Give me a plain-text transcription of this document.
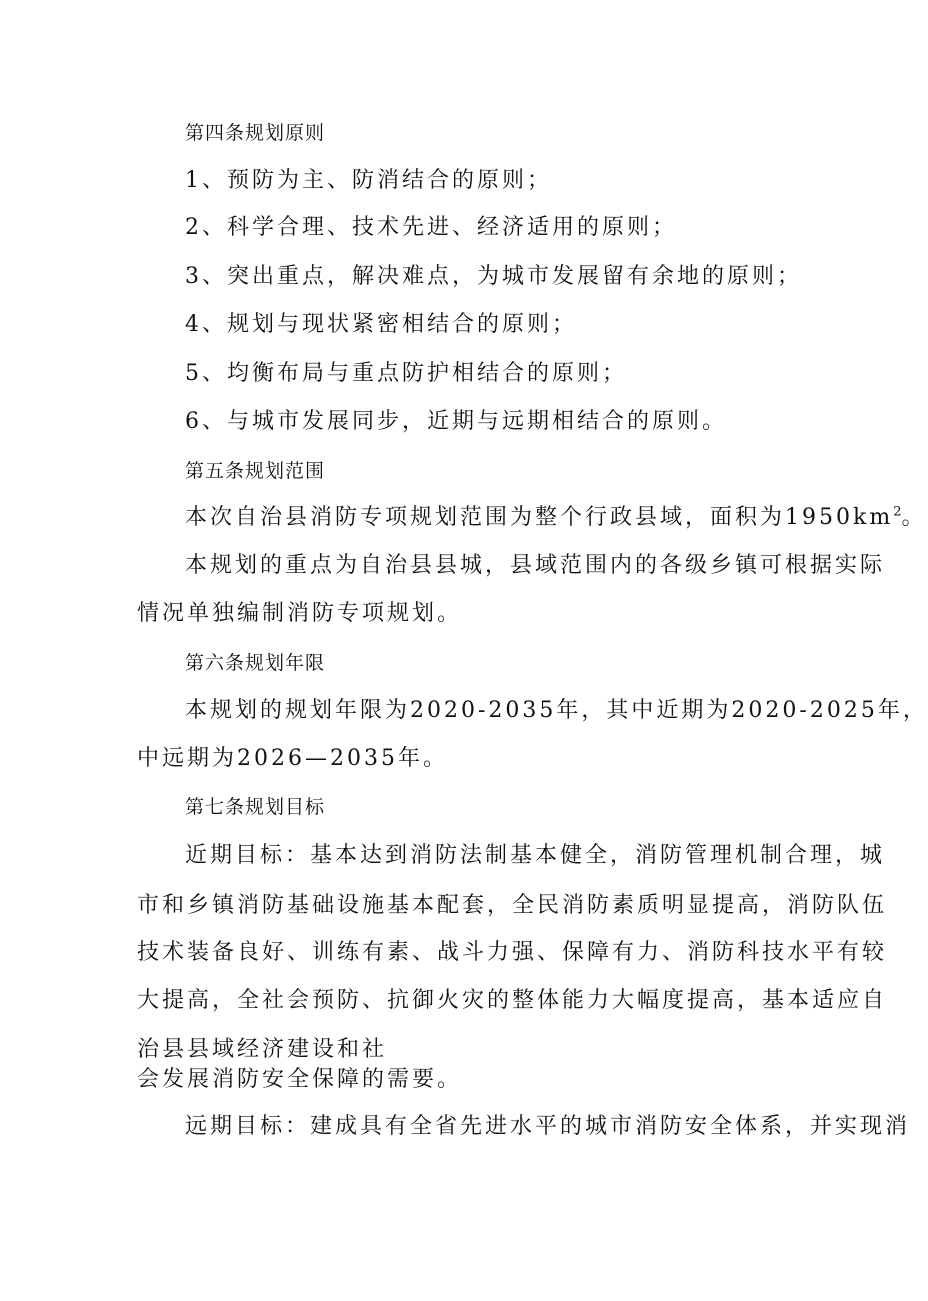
第四条规划原则
1、预防为主、防消结合的原则；
2、科学合理、技术先进、经济适用的原则；
3、突出重点，解决难点，为城市发展留有余地的原则；
4、规划与现状紧密相结合的原则；
5、均衡布局与重点防护相结合的原则；
6、与城市发展同步，近期与远期相结合的原则。
第五条规划范围
本次自治县消防专项规划范围为整个行政县域，面积为$1950km^2$。
本规划的重点为自治县县城，县域范围内的各级乡镇可根据实际
情况单独编制消防专项规划。
第六条规划年限
本规划的规划年限为2020-2035年，其中近期为2020-2025年，
中远期为2026—2035年。
第七条规划目标
近期目标：基本达到消防法制基本健全，消防管理机制合理，城
市和乡镇消防基础设施基本配套，全民消防素质明显提高，消防队伍
技术装备良好、训练有素、战斗力强、保障有力、消防科技水平有较
大提高，全社会预防、抗御火灾的整体能力大幅度提高，基本适应自
治县县域经济建设和社
会发展消防安全保障的需要。
远期目标：建成具有全省先进水平的城市消防安全体系，并实现消
